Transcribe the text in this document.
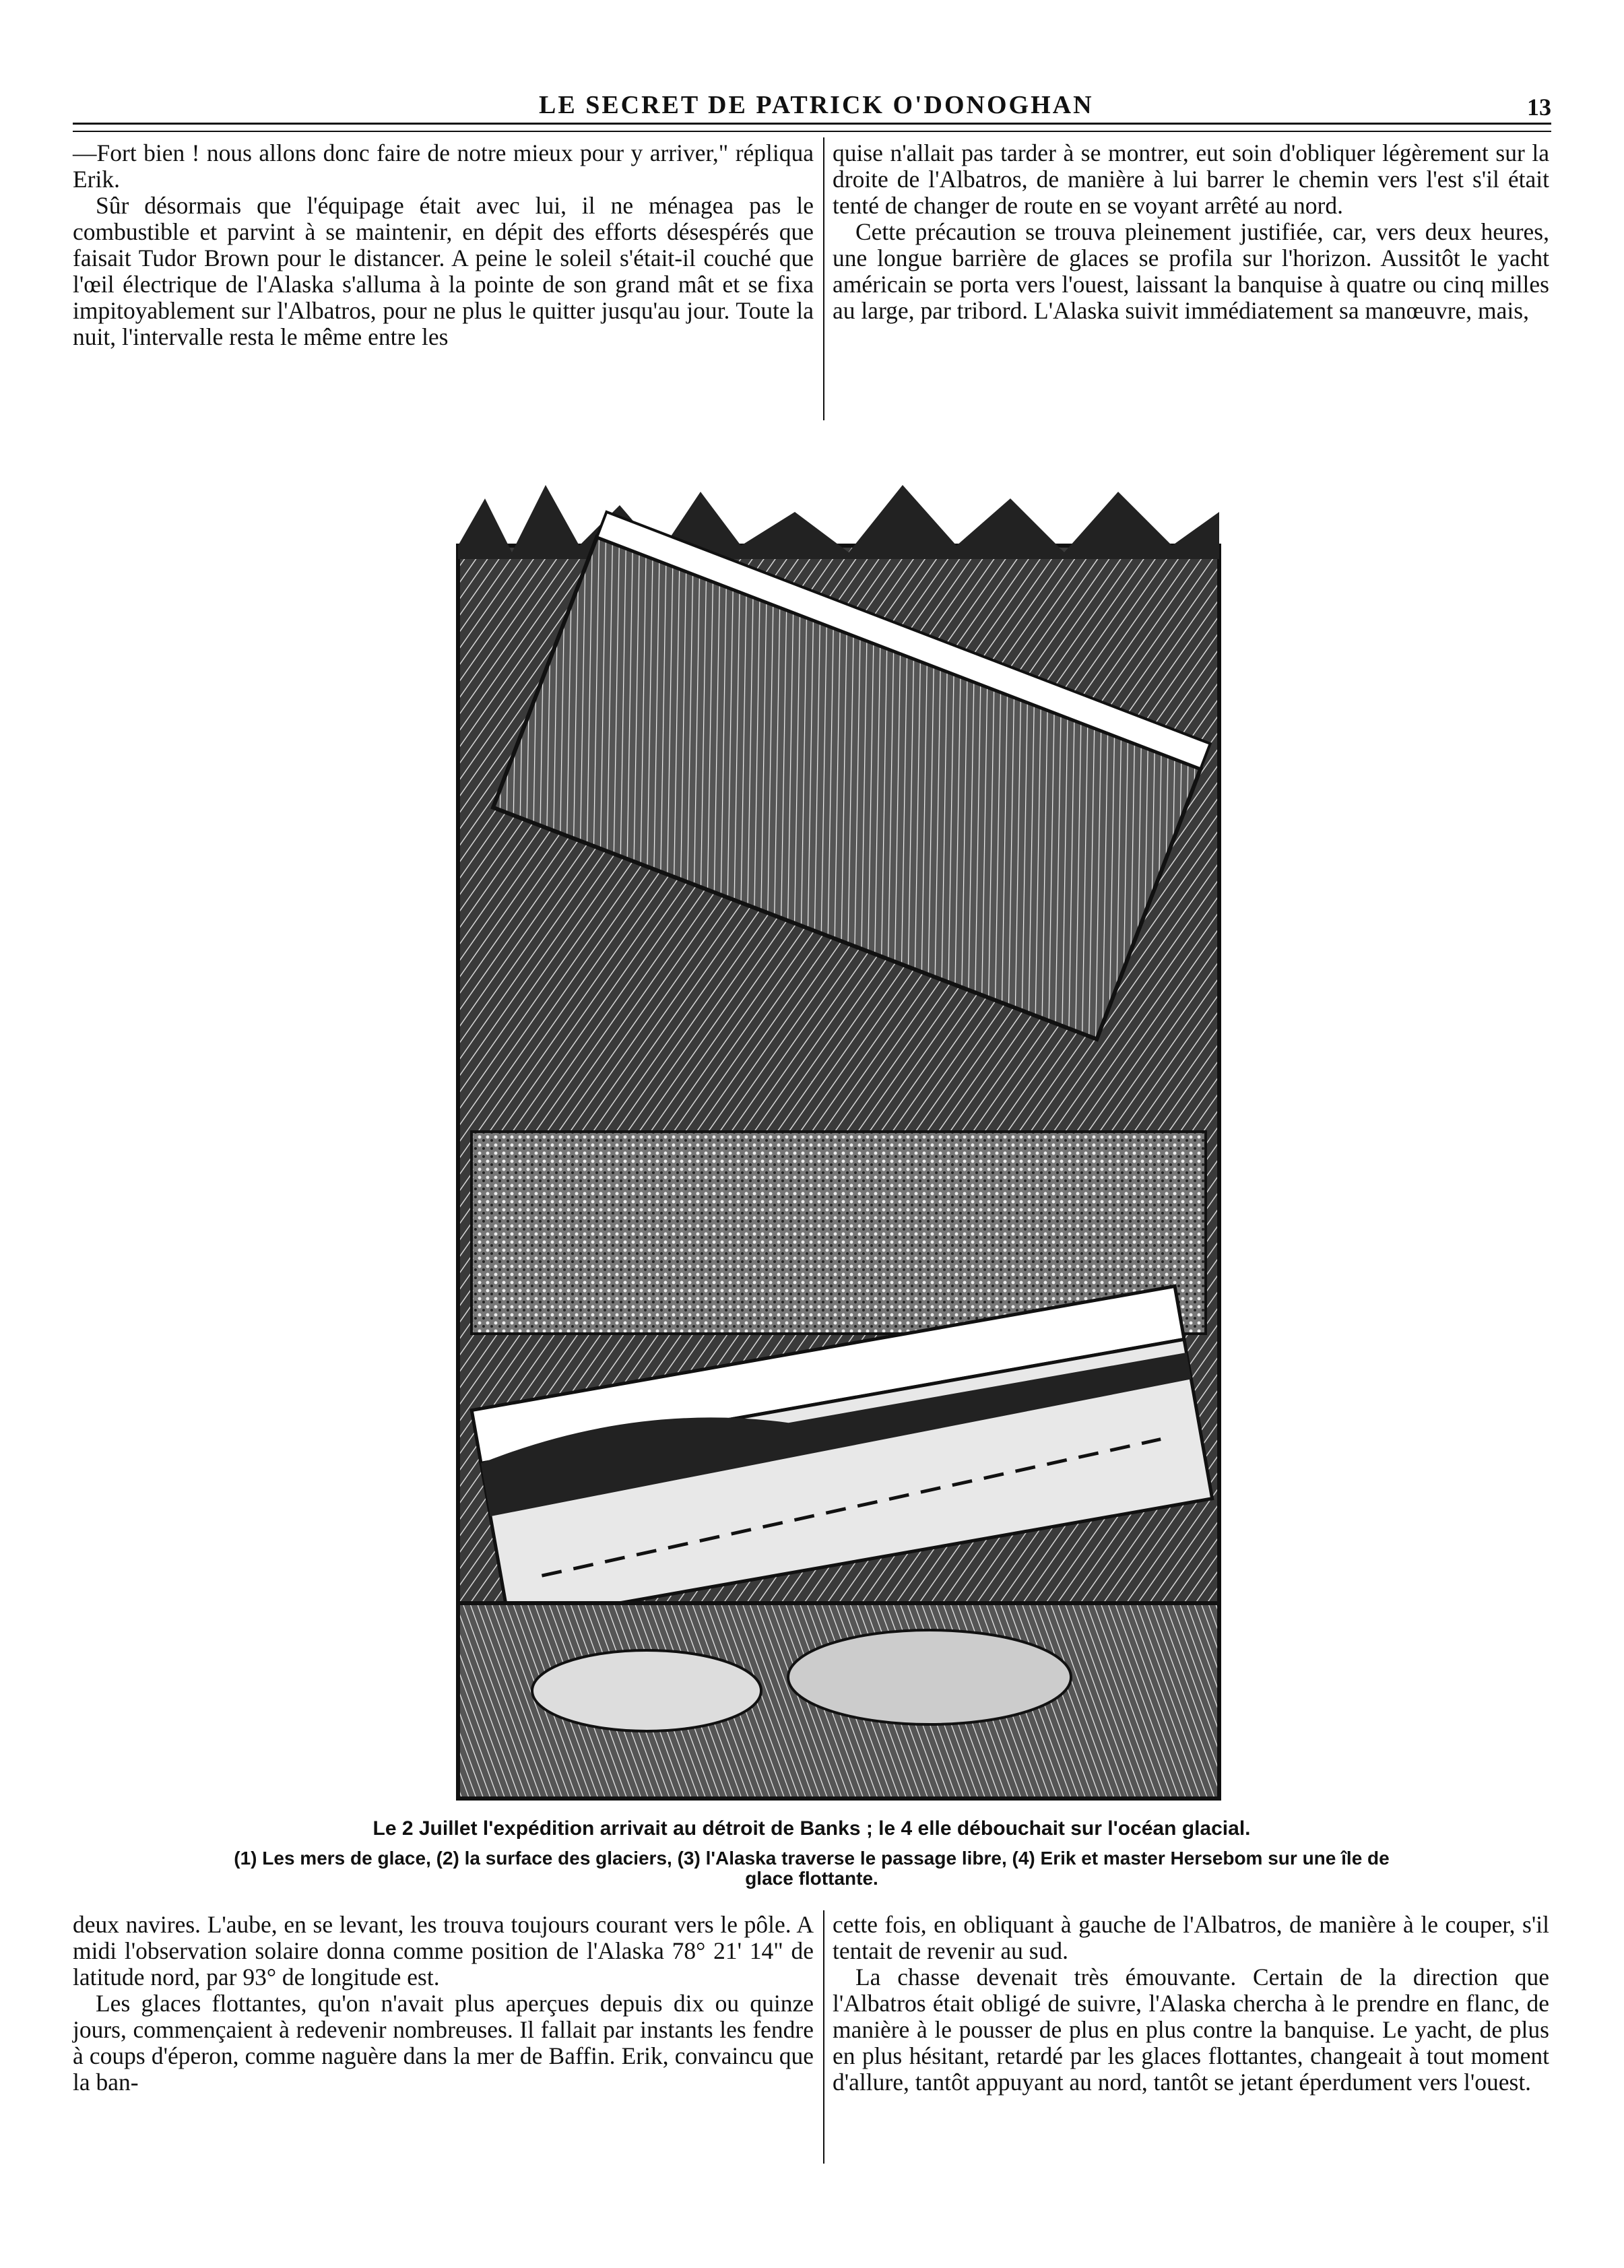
LE SECRET DE PATRICK O'DONOGHAN	13

—Fort bien ! nous allons donc faire de notre mieux pour y arriver," répliqua Erik.

Sûr désormais que l'équipage était avec lui, il ne ménagea pas le combustible et parvint à se maintenir, en dépit des efforts désespérés que faisait Tudor Brown pour le distancer. A peine le soleil s'était-il couché que l'œil électrique de l'Alaska s'alluma à la pointe de son grand mât et se fixa impitoyablement sur l'Albatros, pour ne plus le quitter jusqu'au jour. Toute la nuit, l'intervalle resta le même entre les

quise n'allait pas tarder à se montrer, eut soin d'obliquer légèrement sur la droite de l'Albatros, de manière à lui barrer le chemin vers l'est s'il était tenté de changer de route en se voyant arrêté au nord.

Cette précaution se trouva pleinement justifiée, car, vers deux heures, une longue barrière de glaces se profila sur l'horizon. Aussitôt le yacht américain se porta vers l'ouest, laissant la banquise à quatre ou cinq milles au large, par tribord. L'Alaska suivit immédiatement sa manœuvre, mais,

Le 2 Juillet l'expédition arrivait au détroit de Banks ; le 4 elle débouchait sur l'océan glacial.
(1) Les mers de glace, (2) la surface des glaciers, (3) l'Alaska traverse le passage libre, (4) Erik et master Hersebom sur une île de glace flottante.

deux navires. L'aube, en se levant, les trouva toujours courant vers le pôle. A midi l'observation solaire donna comme position de l'Alaska 78° 21' 14" de latitude nord, par 93° de longitude est.

Les glaces flottantes, qu'on n'avait plus aperçues depuis dix ou quinze jours, commençaient à redevenir nombreuses. Il fallait par instants les fendre à coups d'éperon, comme naguère dans la mer de Baffin. Erik, convaincu que la ban-

cette fois, en obliquant à gauche de l'Albatros, de manière à le couper, s'il tentait de revenir au sud.

La chasse devenait très émouvante. Certain de la direction que l'Albatros était obligé de suivre, l'Alaska chercha à le prendre en flanc, de manière à le pousser de plus en plus contre la banquise. Le yacht, de plus en plus hésitant, retardé par les glaces flottantes, changeait à tout moment d'allure, tantôt appuyant au nord, tantôt se jetant éperdument vers l'ouest.
